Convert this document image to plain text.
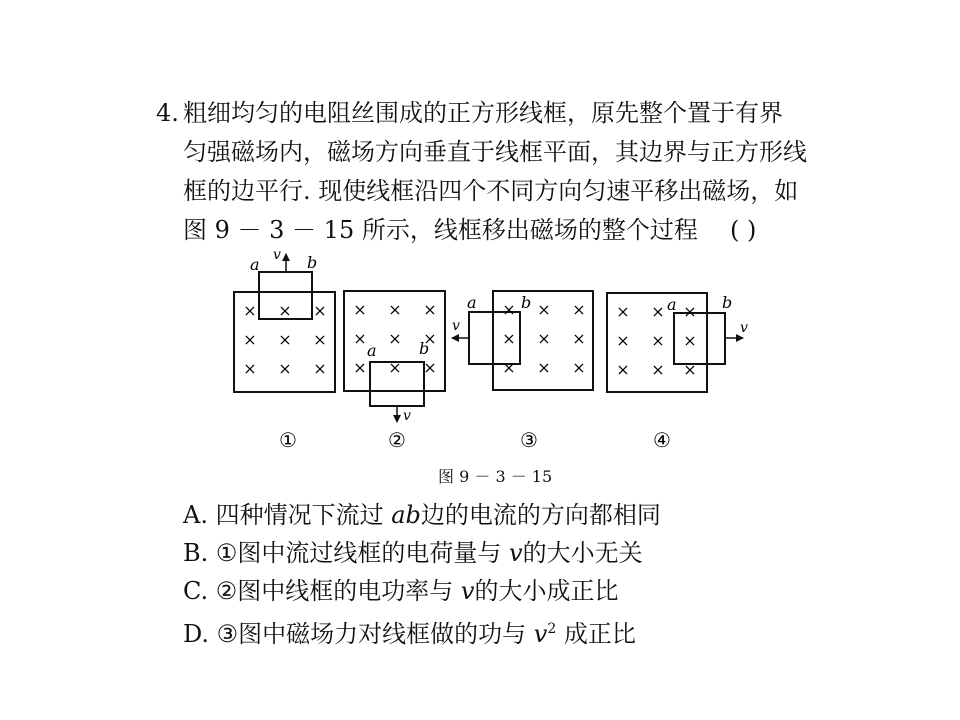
4. 粗细均匀的电阻丝围成的正方形线框，原先整个置于有界
匀强磁场内，磁场方向垂直于线框平面，其边界与正方形线
框的边平行. 现使线框沿四个不同方向匀速平移出磁场，如
图 9 － 3 － 15 所示，线框移出磁场的整个过程 ( )
× × ×
× × ×
× × ×
a	b
v
①
× × ×
× × ×
× × ×
a	b
v
②
× × ×
× × ×
× × ×
a	b
v
③
× × ×
× × ×
× × ×
a	b
v
④
图 9 － 3 － 15
A. 四种情况下流过 ab边的电流的方向都相同
B. ①图中流过线框的电荷量与 v的大小无关
C. ②图中线框的电功率与 v的大小成正比
D. ③图中磁场力对线框做的功与 $v^2$ 成正比
